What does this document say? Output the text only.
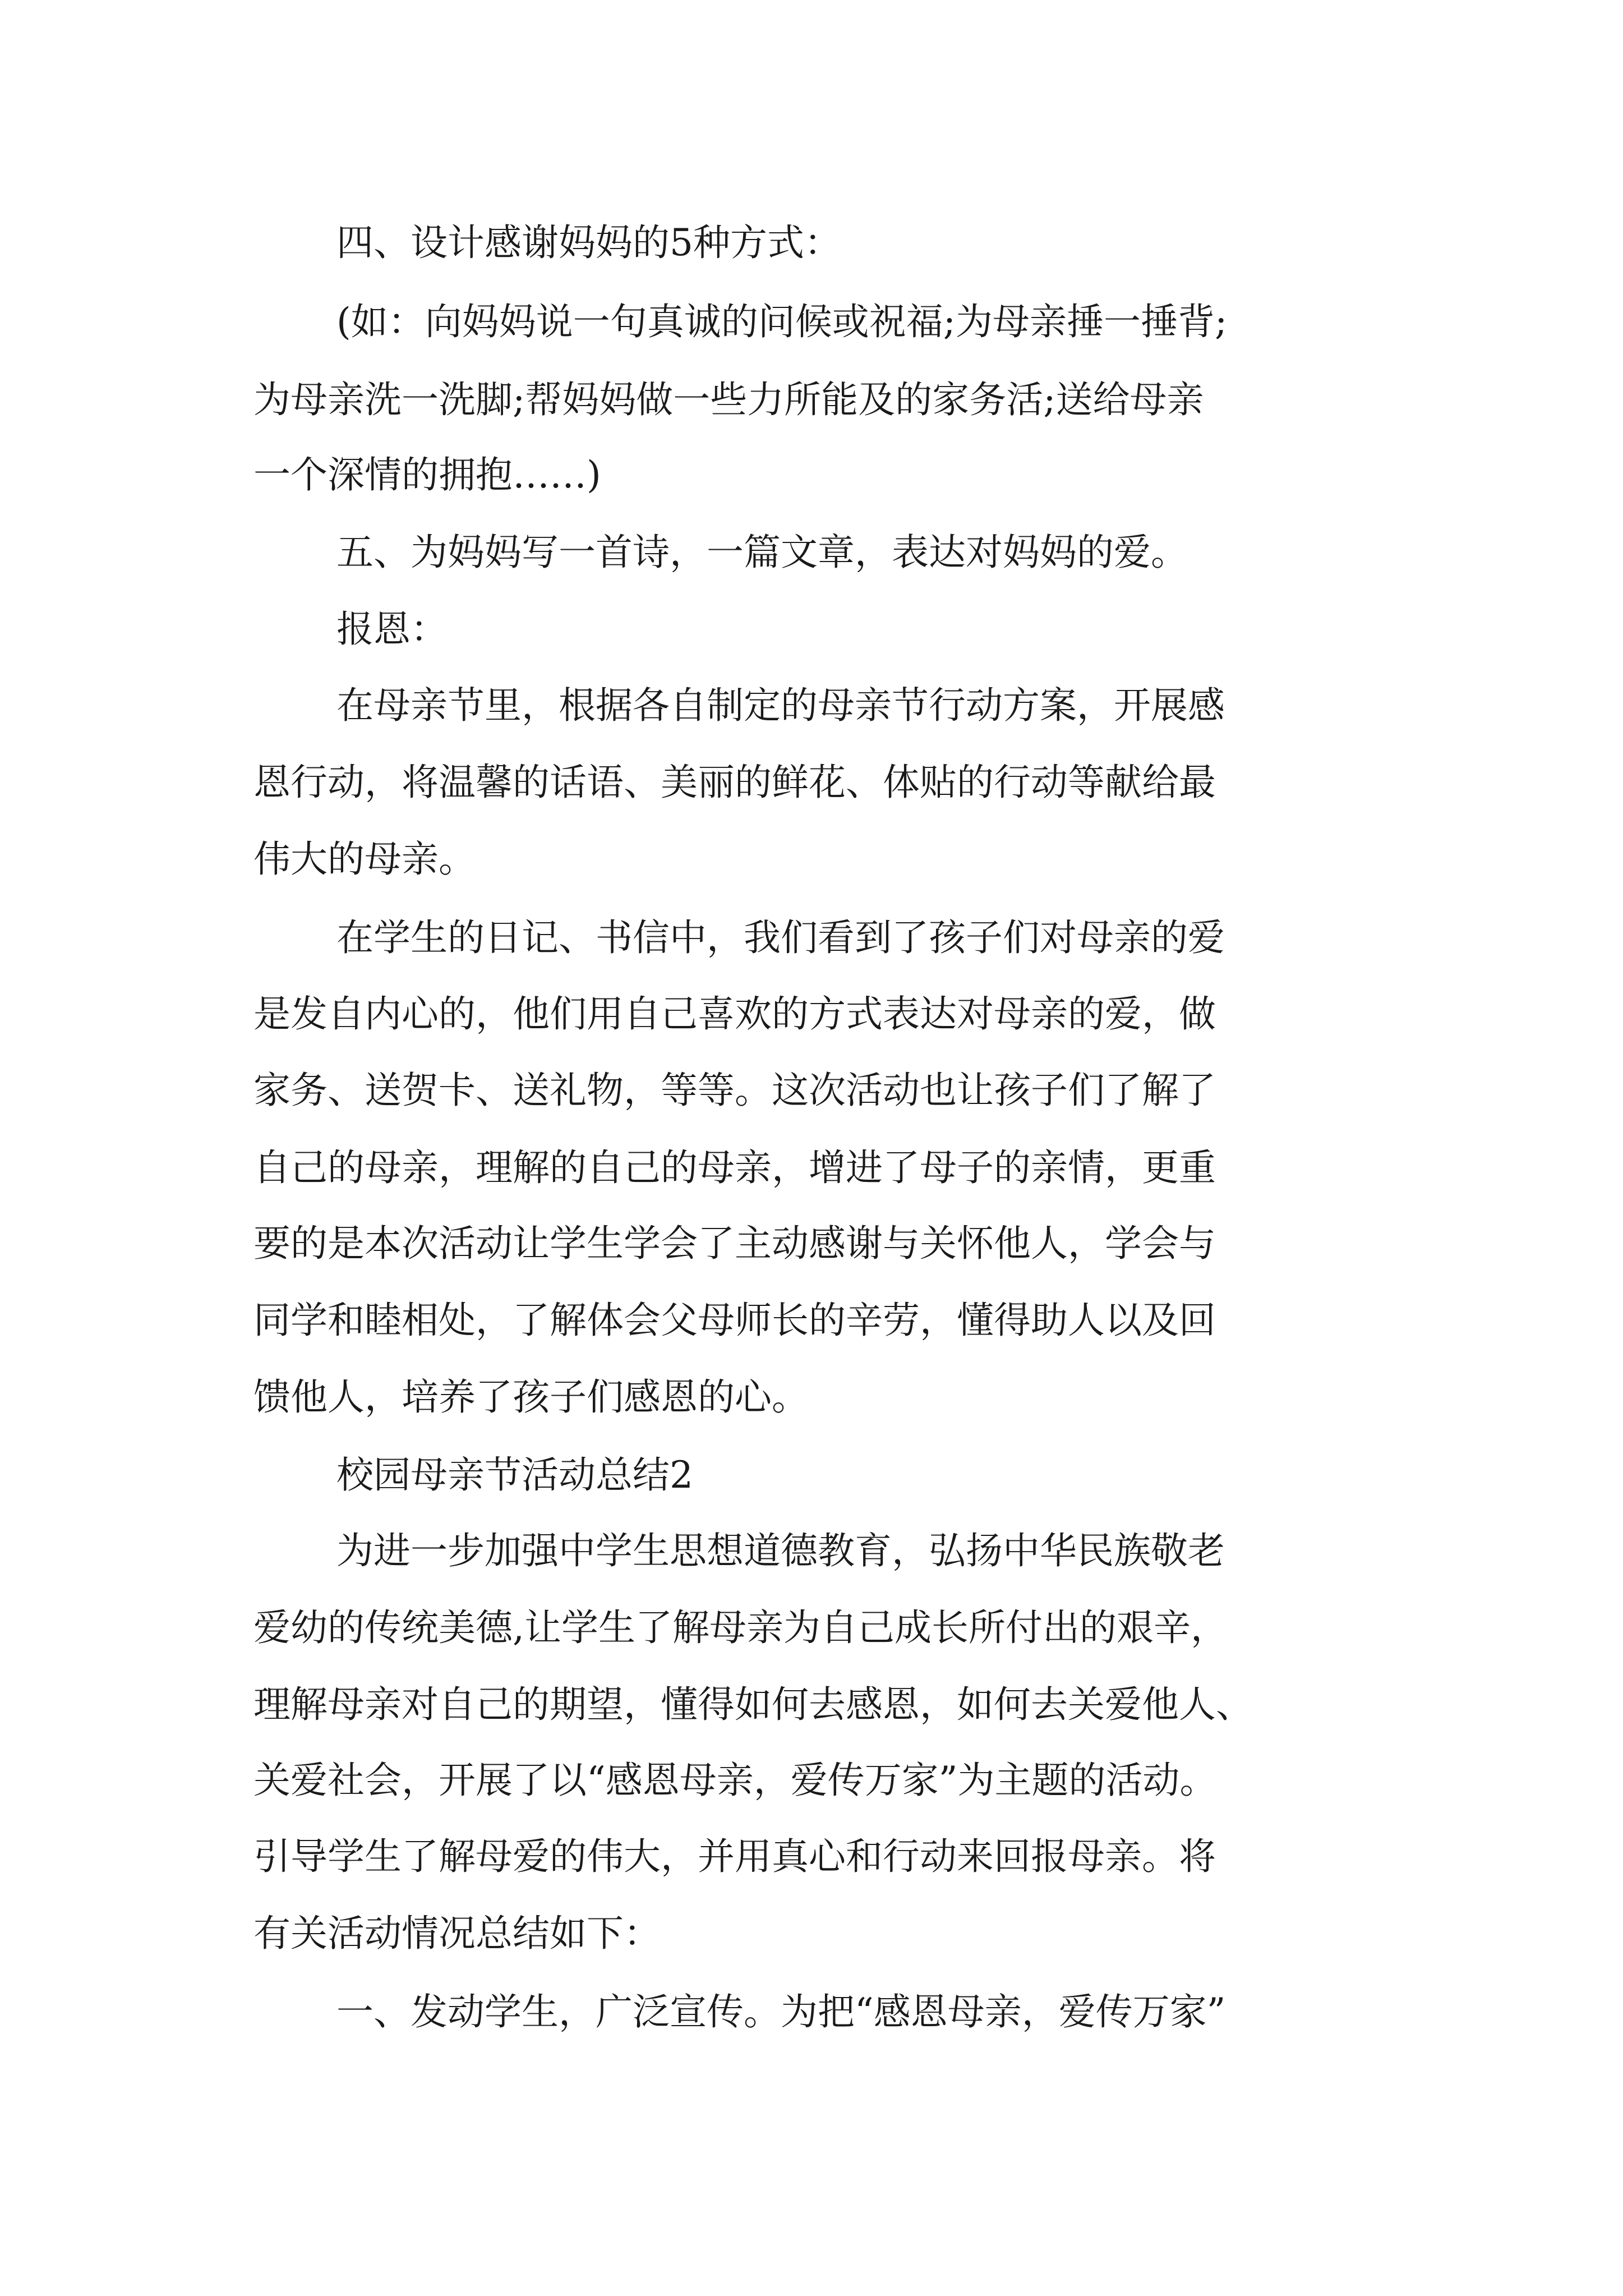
四、设计感谢妈妈的5种方式：
(如：向妈妈说一句真诚的问候或祝福;为母亲捶一捶背;
为母亲洗一洗脚;帮妈妈做一些力所能及的家务活;送给母亲
一个深情的拥抱……)
五、为妈妈写一首诗，一篇文章，表达对妈妈的爱。
报恩：
在母亲节里，根据各自制定的母亲节行动方案，开展感
恩行动，将温馨的话语、美丽的鲜花、体贴的行动等献给最
伟大的母亲。
在学生的日记、书信中，我们看到了孩子们对母亲的爱
是发自内心的，他们用自己喜欢的方式表达对母亲的爱，做
家务、送贺卡、送礼物，等等。这次活动也让孩子们了解了
自己的母亲，理解的自己的母亲，增进了母子的亲情，更重
要的是本次活动让学生学会了主动感谢与关怀他人，学会与
同学和睦相处，了解体会父母师长的辛劳，懂得助人以及回
馈他人，培养了孩子们感恩的心。
校园母亲节活动总结2
为进一步加强中学生思想道德教育，弘扬中华民族敬老
爱幼的传统美德,让学生了解母亲为自己成长所付出的艰辛，
理解母亲对自己的期望，懂得如何去感恩，如何去关爱他人、
关爱社会，开展了以“感恩母亲，爱传万家”为主题的活动。
引导学生了解母爱的伟大，并用真心和行动来回报母亲。将
有关活动情况总结如下：
一、发动学生，广泛宣传。为把“感恩母亲，爱传万家”
